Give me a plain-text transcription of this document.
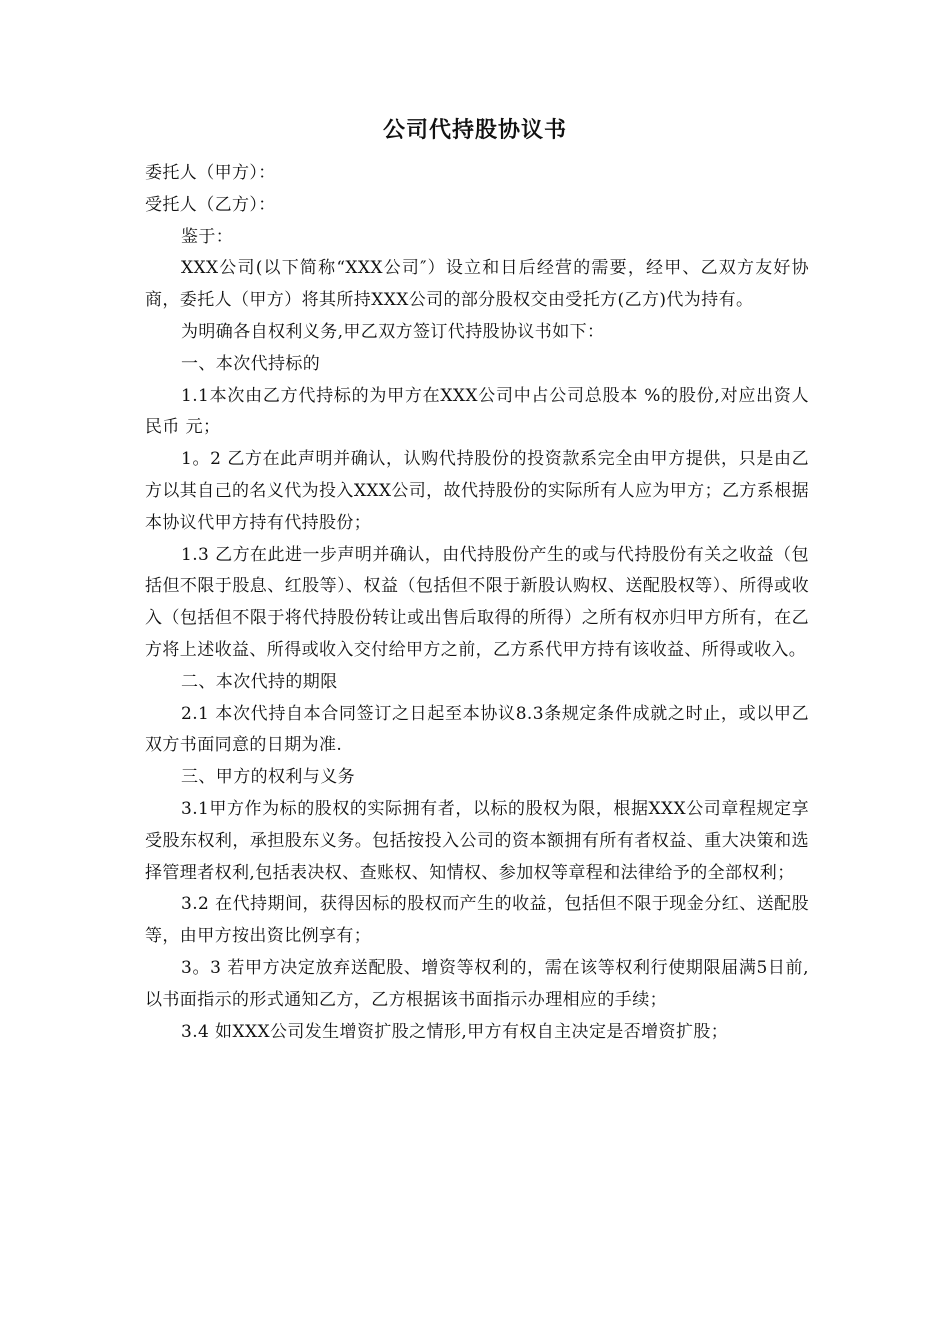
公司代持股协议书

委托人（甲方）：

受托人（乙方）：

鉴于：

XXX公司(以下简称“XXX公司″）设立和日后经营的需要，经甲、乙双方友好协商，委托人（甲方）将其所持XXX公司的部分股权交由受托方(乙方)代为持有。

为明确各自权利义务,甲乙双方签订代持股协议书如下：

一、本次代持标的

1.1本次由乙方代持标的为甲方在XXX公司中占公司总股本 %的股份,对应出资人民币 元；

1。2 乙方在此声明并确认，认购代持股份的投资款系完全由甲方提供，只是由乙方以其自己的名义代为投入XXX公司，故代持股份的实际所有人应为甲方；乙方系根据本协议代甲方持有代持股份；

1.3 乙方在此进一步声明并确认，由代持股份产生的或与代持股份有关之收益（包括但不限于股息、红股等）、权益（包括但不限于新股认购权、送配股权等）、所得或收入（包括但不限于将代持股份转让或出售后取得的所得）之所有权亦归甲方所有，在乙方将上述收益、所得或收入交付给甲方之前，乙方系代甲方持有该收益、所得或收入。

二、本次代持的期限

2.1 本次代持自本合同签订之日起至本协议8.3条规定条件成就之时止，或以甲乙双方书面同意的日期为准.

三、甲方的权利与义务

3.1甲方作为标的股权的实际拥有者，以标的股权为限，根据XXX公司章程规定享受股东权利，承担股东义务。包括按投入公司的资本额拥有所有者权益、重大决策和选择管理者权利,包括表决权、查账权、知情权、参加权等章程和法律给予的全部权利；

3.2 在代持期间，获得因标的股权而产生的收益，包括但不限于现金分红、送配股等，由甲方按出资比例享有；

3。3 若甲方决定放弃送配股、增资等权利的，需在该等权利行使期限届满5日前,以书面指示的形式通知乙方，乙方根据该书面指示办理相应的手续；

3.4 如XXX公司发生增资扩股之情形,甲方有权自主决定是否增资扩股；
